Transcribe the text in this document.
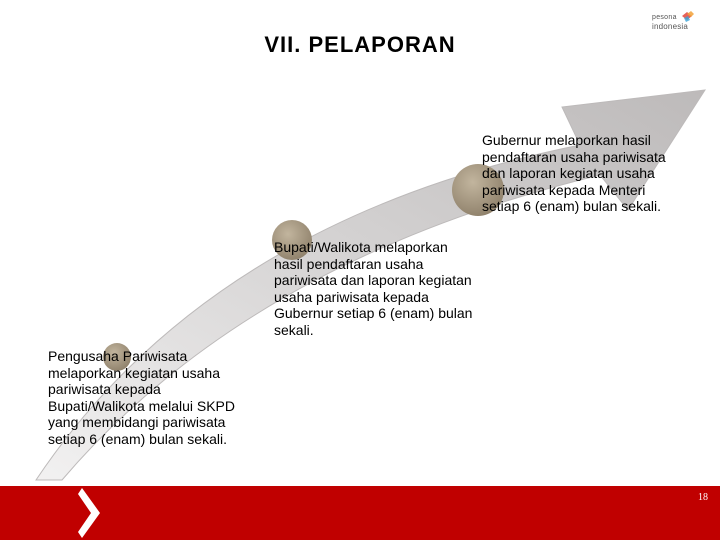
VII. PELAPORAN
pesona
indonesia

Pengusaha Pariwisata melaporkan kegiatan usaha pariwisata kepada Bupati/Walikota melalui SKPD yang membidangi pariwisata setiap 6 (enam) bulan sekali.

Bupati/Walikota melaporkan hasil pendaftaran usaha pariwisata dan laporan kegiatan usaha pariwisata kepada Gubernur setiap 6 (enam) bulan sekali.

Gubernur melaporkan hasil pendaftaran usaha pariwisata dan laporan kegiatan usaha pariwisata kepada Menteri setiap 6 (enam) bulan sekali.

18
